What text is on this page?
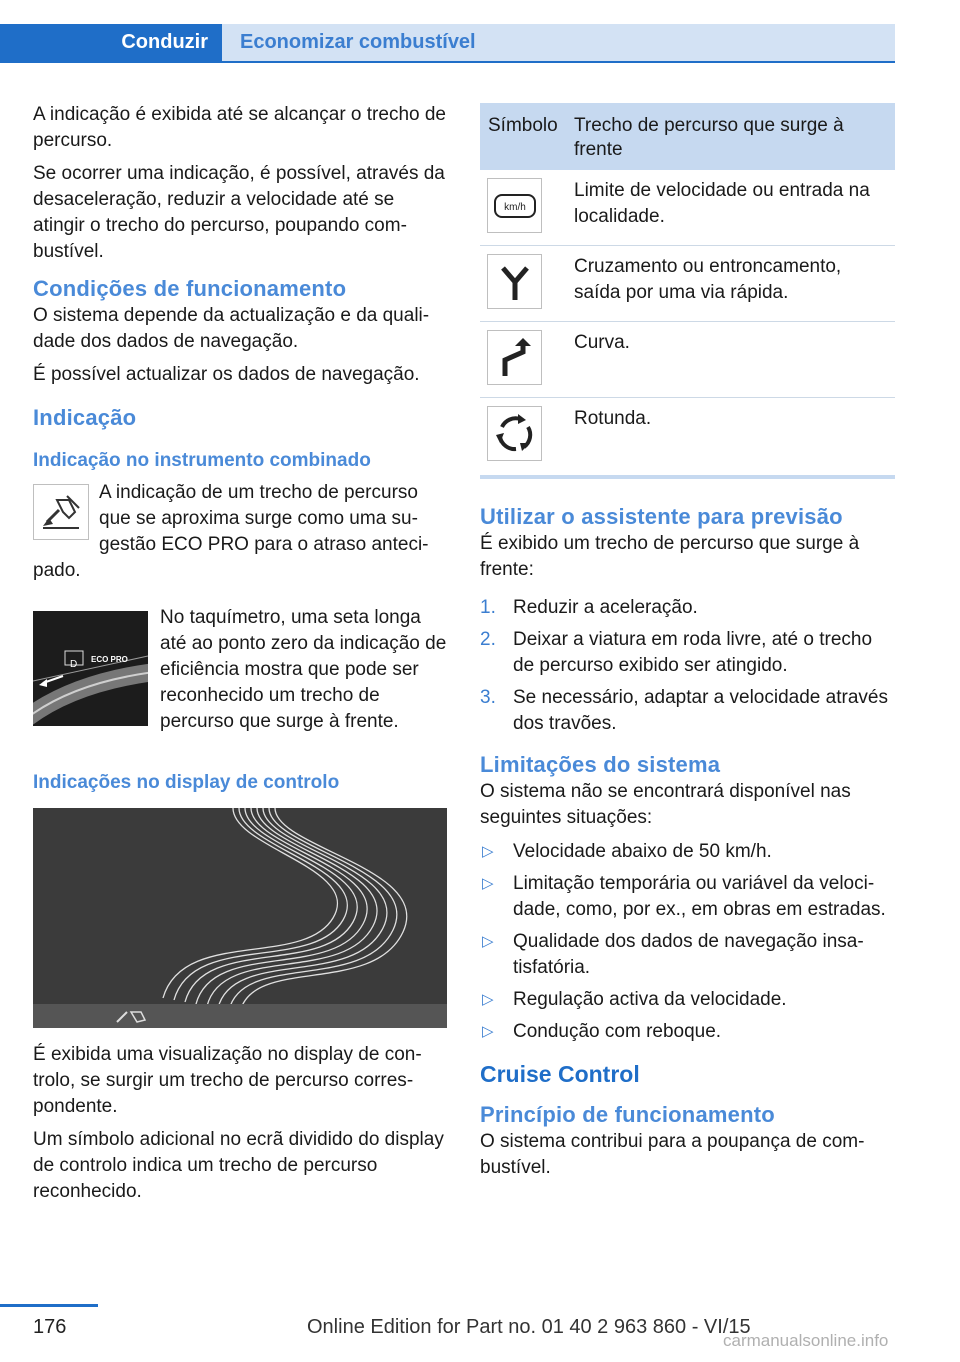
Conduzir	Economizar combustível

A indicação é exibida até se alcançar o trecho de percurso.

Se ocorrer uma indicação, é possível, através da desaceleração, reduzir a velocidade até se atingir o trecho do percurso, poupando combustível.

Condições de funcionamento

O sistema depende da actualização e da qualidade dos dados de navegação.

É possível actualizar os dados de navegação.

Indicação
Indicação no instrumento combinado

A indicação de um trecho de percurso que se aproxima surge como uma sugestão ECO PRO para o atraso antecipado.

D ECO PRO

No taquímetro, uma seta longa até ao ponto zero da indicação de eficiência mostra que pode ser reconhecido um trecho de percurso que surge à frente.

Indicações no display de controlo

É exibida uma visualização no display de controlo, se surgir um trecho de percurso correspondente.

Um símbolo adicional no ecrã dividido do display de controlo indica um trecho de percurso reconhecido.

Símbolo	Trecho de percurso que surge à frente

km/h	Limite de velocidade ou entrada na localidade.

	Cruzamento ou entroncamento, saída por uma via rápida.

	Curva.

	Rotunda.
Utilizar o assistente para previsão

É exibido um trecho de percurso que surge à frente:

1. Reduzir a aceleração.
2. Deixar a viatura em roda livre, até o trecho de percurso exibido ser atingido.
3. Se necessário, adaptar a velocidade através dos travões.
Limitações do sistema

O sistema não se encontrará disponível nas seguintes situações:

▷ Velocidade abaixo de 50 km/h.
▷ Limitação temporária ou variável da velocidade, como, por ex., em obras em estradas.
▷ Qualidade dos dados de navegação insatisfatória.
▷ Regulação activa da velocidade.
▷ Condução com reboque.
Cruise Control
Princípio de funcionamento

O sistema contribui para a poupança de combustível.

176	Online Edition for Part no. 01 40 2 963 860 - VI/15
carmanualsonline.info
